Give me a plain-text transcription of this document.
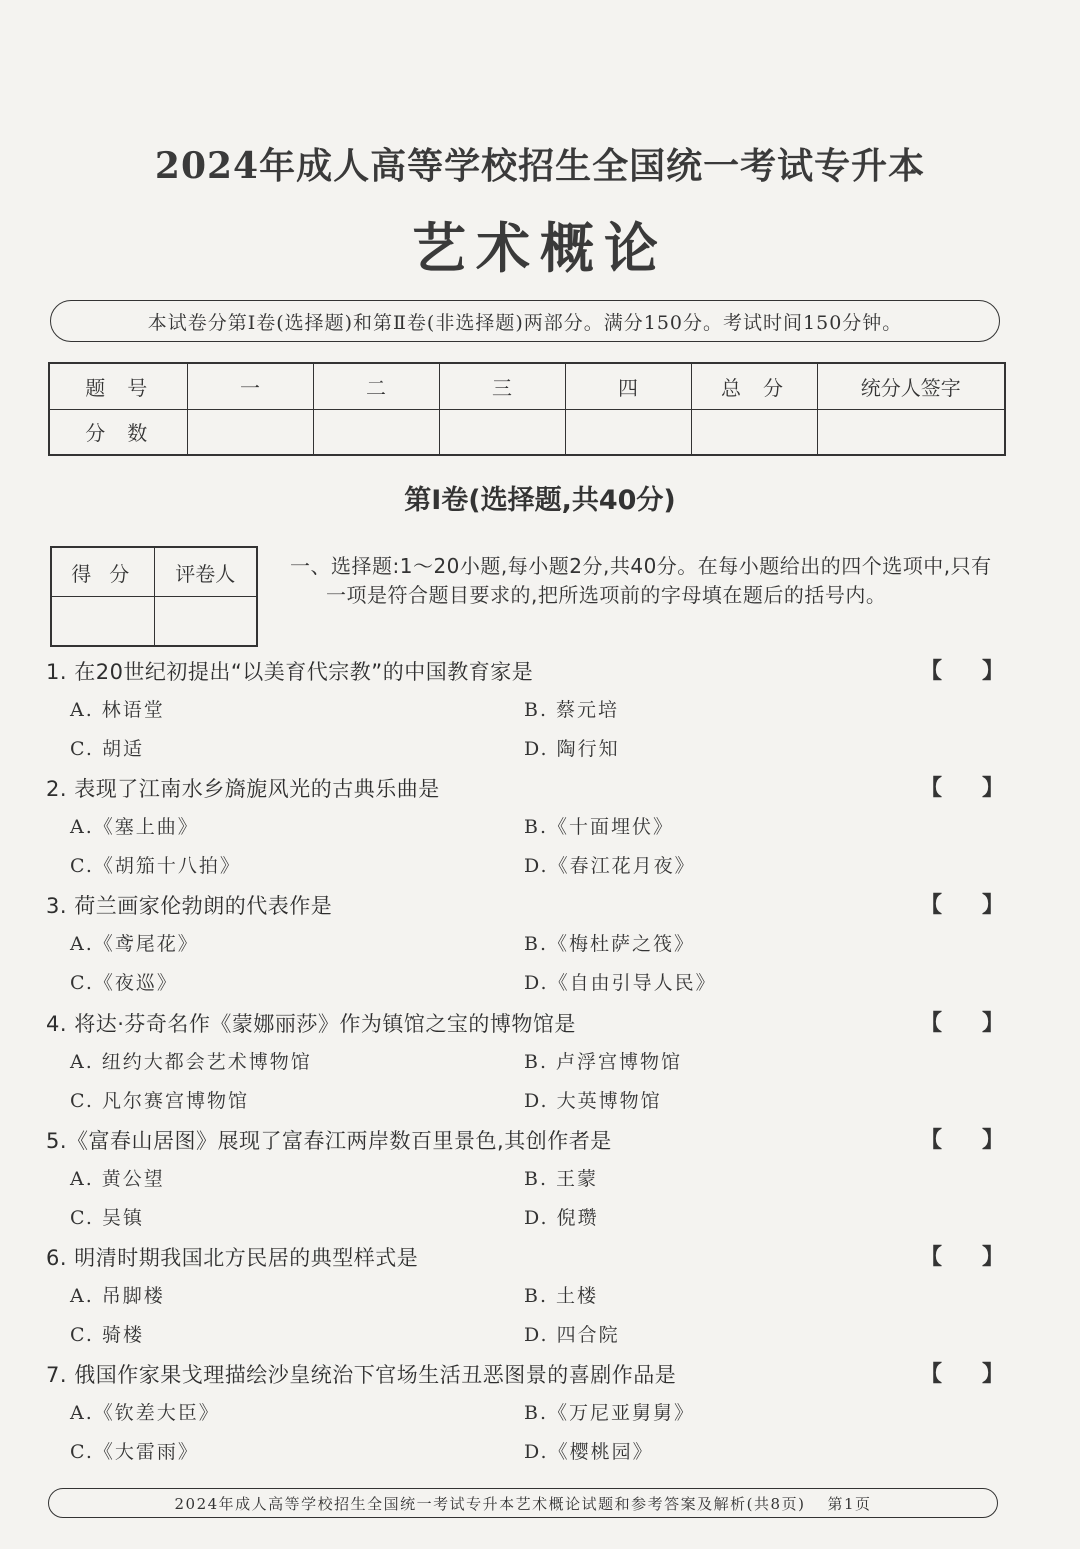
2024年成人高等学校招生全国统一考试专升本
艺术概论
本试卷分第Ⅰ卷(选择题)和第Ⅱ卷(非选择题)两部分。满分150分。考试时间150分钟。
题号	一	二	三	四	总分	统分人签字
分数						
第Ⅰ卷(选择题,共40分)
得分	评卷人
		一、选择题:1～20小题,每小题2分,共40分。在每小题给出的四个选项中,只有一项是符合题目要求的,把所选项前的字母填在题后的括号内。
1. 在20世纪初提出“以美育代宗教”的中国教育家是	【 】
A. 林语堂	B. 蔡元培
C. 胡适	D. 陶行知
2. 表现了江南水乡旖旎风光的古典乐曲是	【 】
A.《塞上曲》	B.《十面埋伏》
C.《胡笳十八拍》	D.《春江花月夜》
3. 荷兰画家伦勃朗的代表作是	【 】
A.《鸢尾花》	B.《梅杜萨之筏》
C.《夜巡》	D.《自由引导人民》
4. 将达·芬奇名作《蒙娜丽莎》作为镇馆之宝的博物馆是	【 】
A. 纽约大都会艺术博物馆	B. 卢浮宫博物馆
C. 凡尔赛宫博物馆	D. 大英博物馆
5.《富春山居图》展现了富春江两岸数百里景色,其创作者是	【 】
A. 黄公望	B. 王蒙
C. 吴镇	D. 倪瓒
6. 明清时期我国北方民居的典型样式是	【 】
A. 吊脚楼	B. 土楼
C. 骑楼	D. 四合院
7. 俄国作家果戈理描绘沙皇统治下官场生活丑恶图景的喜剧作品是	【 】
A.《钦差大臣》	B.《万尼亚舅舅》
C.《大雷雨》	D.《樱桃园》
2024年成人高等学校招生全国统一考试专升本艺术概论试题和参考答案及解析(共8页) 第1页
